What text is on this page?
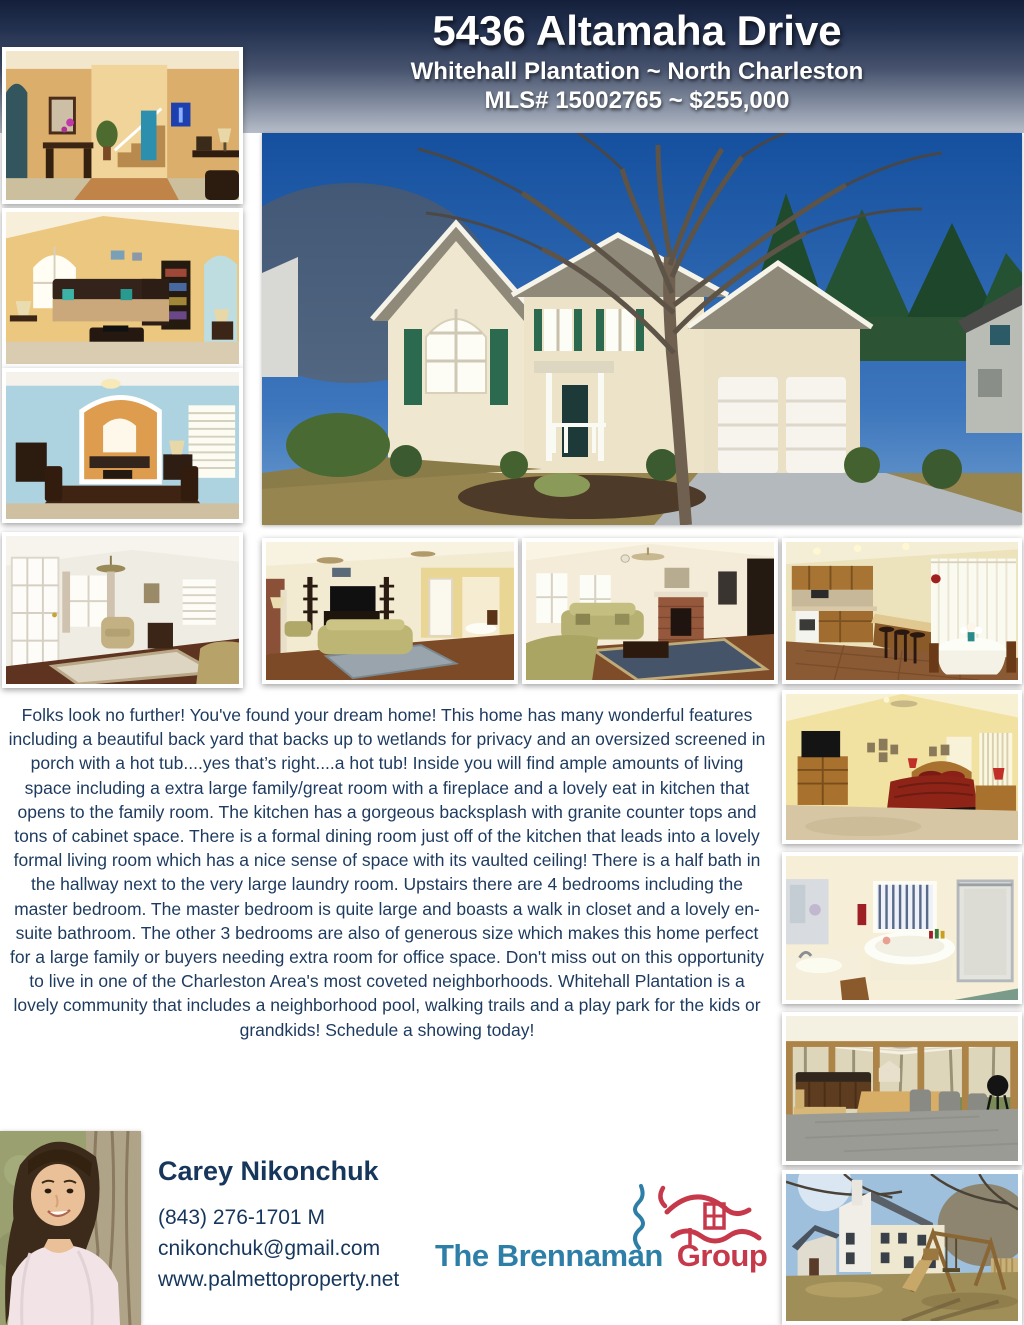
5436 Altamaha Drive
Whitehall Plantation ~ North Charleston
MLS# 15002765 ~ $255,000
Folks look no further! You've found your dream home! This home has many wonderful features including a beautiful back yard that backs up to wetlands for privacy and an oversized screened in porch with a hot tub....yes that’s right....a hot tub! Inside you will find ample amounts of living space including a extra large family/great room with a fireplace and a lovely eat in kitchen that opens to the family room. The kitchen has a gorgeous backsplash with granite counter tops and tons of cabinet space. There is a formal dining room just off of the kitchen that leads into a lovely formal living room which has a nice sense of space with its vaulted ceiling! There is a half bath in the hallway next to the very large laundry room. Upstairs there are 4 bedrooms including the master bedroom. The master bedroom is quite large and boasts a walk in closet and a lovely en-suite bathroom. The other 3 bedrooms are also of generous size which makes this home perfect for a large family or buyers needing extra room for office space. Don't miss out on this opportunity to live in one of the Charleston Area's most coveted neighborhoods. Whitehall Plantation is a lovely community that includes a neighborhood pool, walking trails and a play park for the kids or grandkids! Schedule a showing today!
Carey Nikonchuk
(843) 276-1701 M
cnikonchuk@gmail.com
www.palmettoproperty.net
The Brennaman Group
